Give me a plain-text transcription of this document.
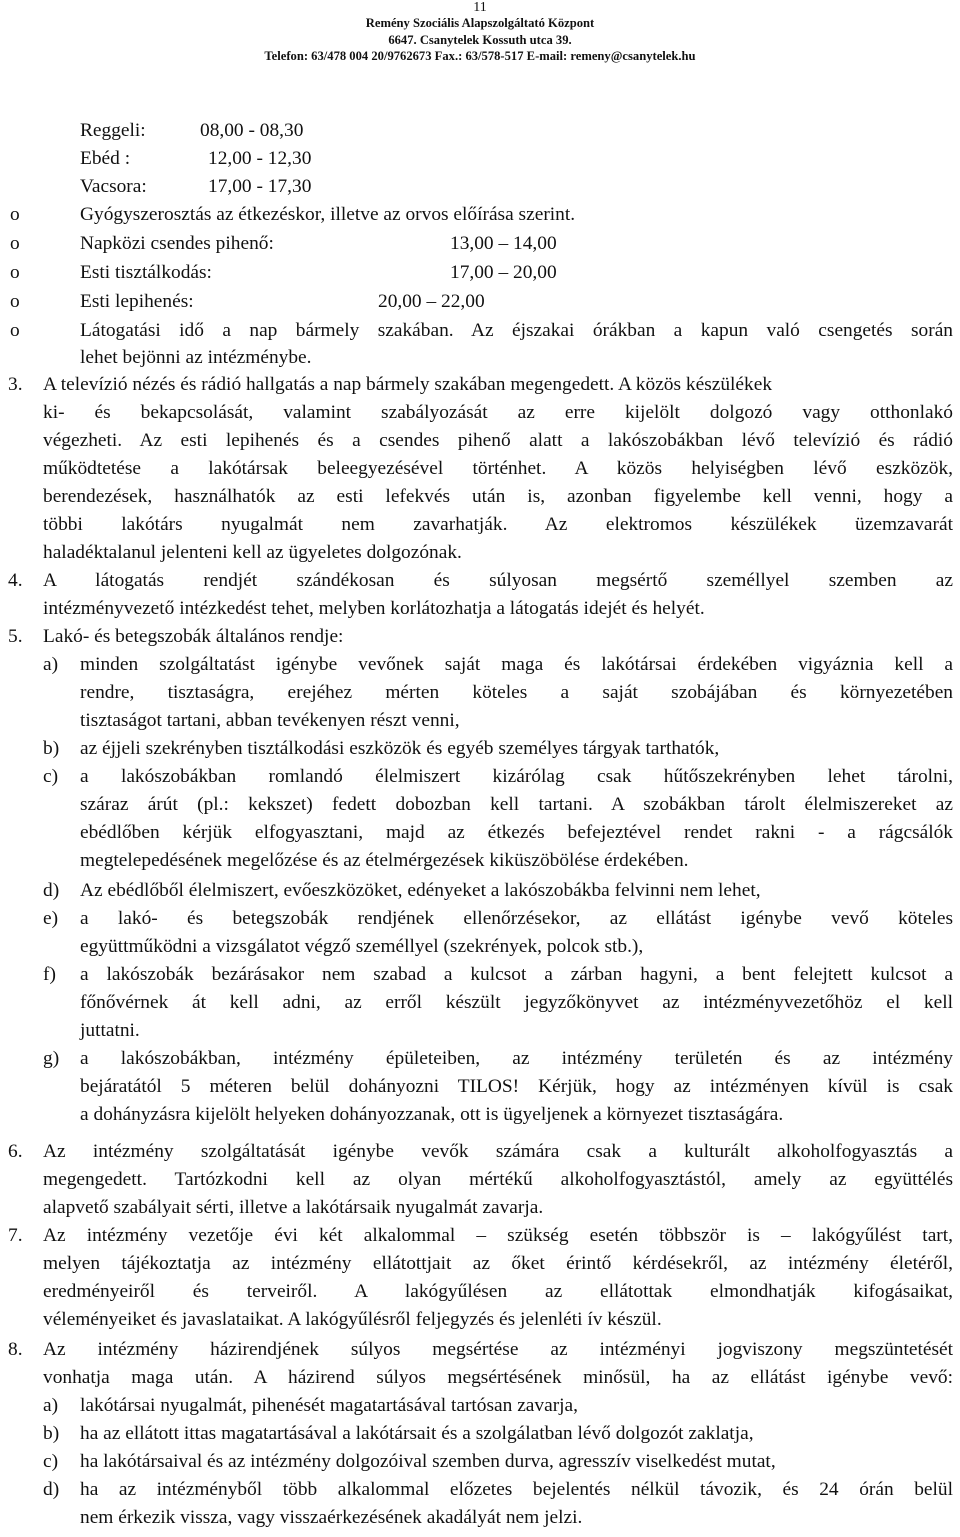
11
Remény Szociális Alapszolgáltató Központ
6647. Csanytelek Kossuth utca 39.
Telefon: 63/478 004 20/9762673 Fax.: 63/578-517 E-mail: remeny@csanytelek.hu
Reggeli:	08,00 - 08,30
Ebéd :	12,00 - 12,30
Vacsora:	17,00 - 17,30
o	Gyógyszerosztás az étkezéskor, illetve az orvos előírása szerint.
o	Napközi csendes pihenő:	13,00 – 14,00
o	Esti tisztálkodás:	17,00 – 20,00
o	Esti lepihenés:	20,00 – 22,00
o	Látogatási idő a nap bármely szakában. Az éjszakai órákban a kapun való csengetés során
lehet bejönni az intézménybe.
3. A televízió nézés és rádió hallgatás a nap bármely szakában megengedett. A közös készülékek
ki- és bekapcsolását, valamint szabályozását az erre kijelölt dolgozó vagy otthonlakó
végezheti. Az esti lepihenés és a csendes pihenő alatt a lakószobákban lévő televízió és rádió
működtetése a lakótársak beleegyezésével történhet. A közös helyiségben lévő eszközök,
berendezések, használhatók az esti lefekvés után is, azonban figyelembe kell venni, hogy a
többi lakótárs nyugalmát nem zavarhatják. Az elektromos készülékek üzemzavarát
haladéktalanul jelenteni kell az ügyeletes dolgozónak.
4. A látogatás rendjét szándékosan és súlyosan megsértő személlyel szemben az
intézményvezető intézkedést tehet, melyben korlátozhatja a látogatás idejét és helyét.
5. Lakó- és betegszobák általános rendje:
a) minden szolgáltatást igénybe vevőnek saját maga és lakótársai érdekében vigyáznia kell a
rendre, tisztaságra, erejéhez mérten köteles a saját szobájában és környezetében
tisztaságot tartani, abban tevékenyen részt venni,
b) az éjjeli szekrényben tisztálkodási eszközök és egyéb személyes tárgyak tarthatók,
c) a lakószobákban romlandó élelmiszert kizárólag csak hűtőszekrényben lehet tárolni,
száraz árút (pl.: kekszet) fedett dobozban kell tartani. A szobákban tárolt élelmiszereket az
ebédlőben kérjük elfogyasztani, majd az étkezés befejeztével rendet rakni - a rágcsálók
megtelepedésének megelőzése és az ételmérgezések kiküszöbölése érdekében.
d) Az ebédlőből élelmiszert, evőeszközöket, edényeket a lakószobákba felvinni nem lehet,
e) a lakó- és betegszobák rendjének ellenőrzésekor, az ellátást igénybe vevő köteles
együttműködni a vizsgálatot végző személlyel (szekrények, polcok stb.),
f) a lakószobák bezárásakor nem szabad a kulcsot a zárban hagyni, a bent felejtett kulcsot a
főnővérnek át kell adni, az erről készült jegyzőkönyvet az intézményvezetőhöz el kell
juttatni.
g) a lakószobákban, intézmény épületeiben, az intézmény területén és az intézmény
bejáratától 5 méteren belül dohányozni TILOS! Kérjük, hogy az intézményen kívül is csak
a dohányzásra kijelölt helyeken dohányozzanak, ott is ügyeljenek a környezet tisztaságára.
6. Az intézmény szolgáltatását igénybe vevők számára csak a kulturált alkoholfogyasztás a
megengedett. Tartózkodni kell az olyan mértékű alkoholfogyasztástól, amely az együttélés
alapvető szabályait sérti, illetve a lakótársaik nyugalmát zavarja.
7. Az intézmény vezetője évi két alkalommal – szükség esetén többször is – lakógyűlést tart,
melyen tájékoztatja az intézmény ellátottjait az őket érintő kérdésekről, az intézmény életéről,
eredményeiről és terveiről. A lakógyűlésen az ellátottak elmondhatják kifogásaikat,
véleményeiket és javaslataikat. A lakógyűlésről feljegyzés és jelenléti ív készül.
8. Az intézmény házirendjének súlyos megsértése az intézményi jogviszony megszüntetését
vonhatja maga után. A házirend súlyos megsértésének minősül, ha az ellátást igénybe vevő:
a) lakótársai nyugalmát, pihenését magatartásával tartósan zavarja,
b) ha az ellátott ittas magatartásával a lakótársait és a szolgálatban lévő dolgozót zaklatja,
c) ha lakótársaival és az intézmény dolgozóival szemben durva, agresszív viselkedést mutat,
d) ha az intézményből több alkalommal előzetes bejelentés nélkül távozik, és 24 órán belül
nem érkezik vissza, vagy visszaérkezésének akadályát nem jelzi.
